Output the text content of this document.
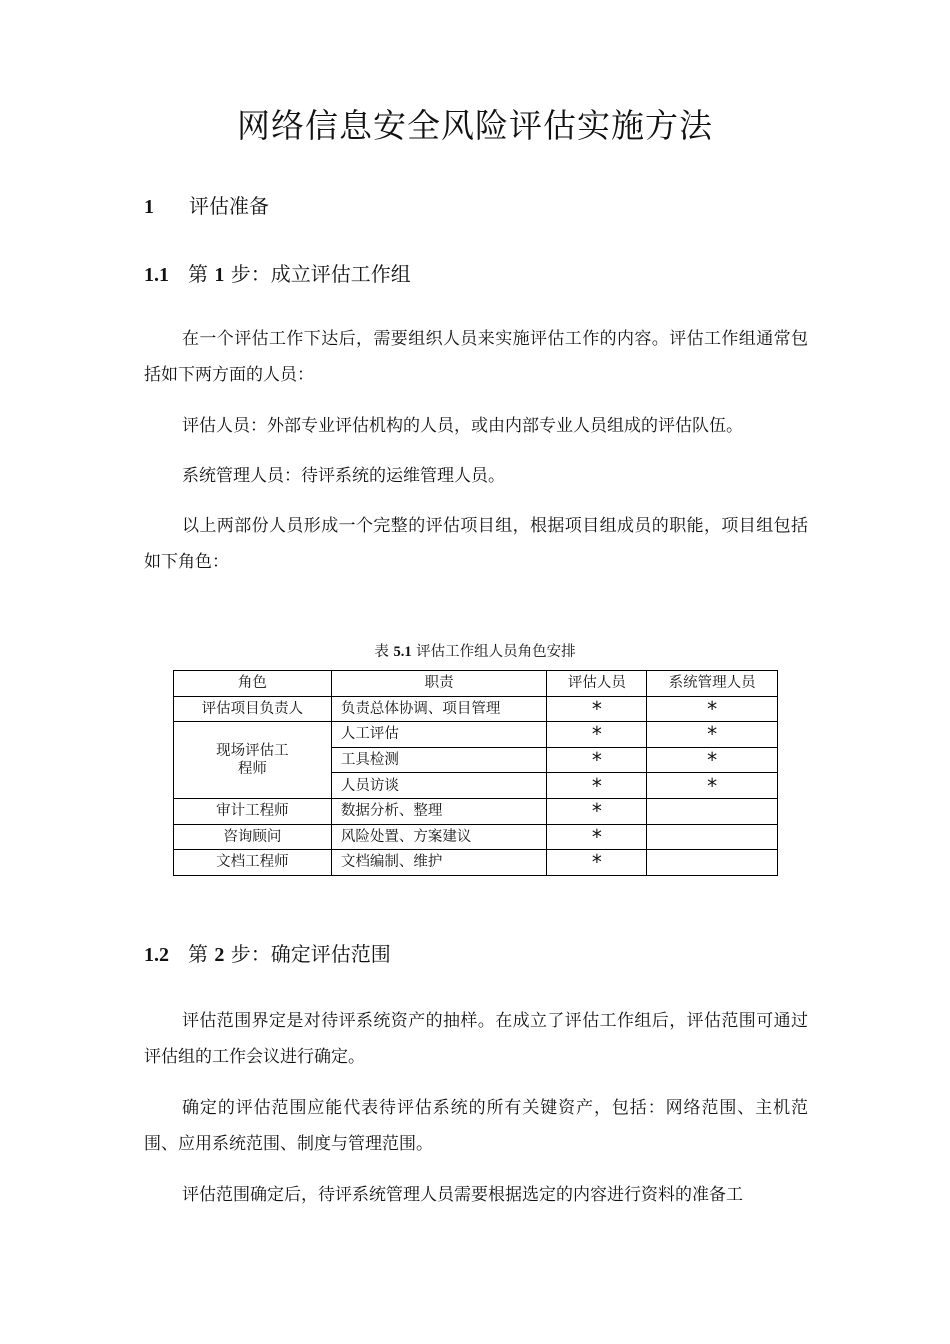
网络信息安全风险评估实施方法
1 评估准备
1.1 第 1 步：成立评估工作组
在一个评估工作下达后，需要组织人员来实施评估工作的内容。评估工作组通常包括如下两方面的人员：
评估人员：外部专业评估机构的人员，或由内部专业人员组成的评估队伍。
系统管理人员：待评系统的运维管理人员。
以上两部份人员形成一个完整的评估项目组，根据项目组成员的职能，项目组包括如下角色：
表 5.1 评估工作组人员角色安排
角色	职责	评估人员	系统管理人员
评估项目负责人	负责总体协调、项目管理	*	*
现场评估工程师	人工评估	*	*
	工具检测	*	*
	人员访谈	*	*
审计工程师	数据分析、整理	*	
咨询顾问	风险处置、方案建议	*	
文档工程师	文档编制、维护	*	
1.2 第 2 步：确定评估范围
评估范围界定是对待评系统资产的抽样。在成立了评估工作组后，评估范围可通过评估组的工作会议进行确定。
确定的评估范围应能代表待评估系统的所有关键资产，包括：网络范围、主机范围、应用系统范围、制度与管理范围。
评估范围确定后，待评系统管理人员需要根据选定的内容进行资料的准备工
